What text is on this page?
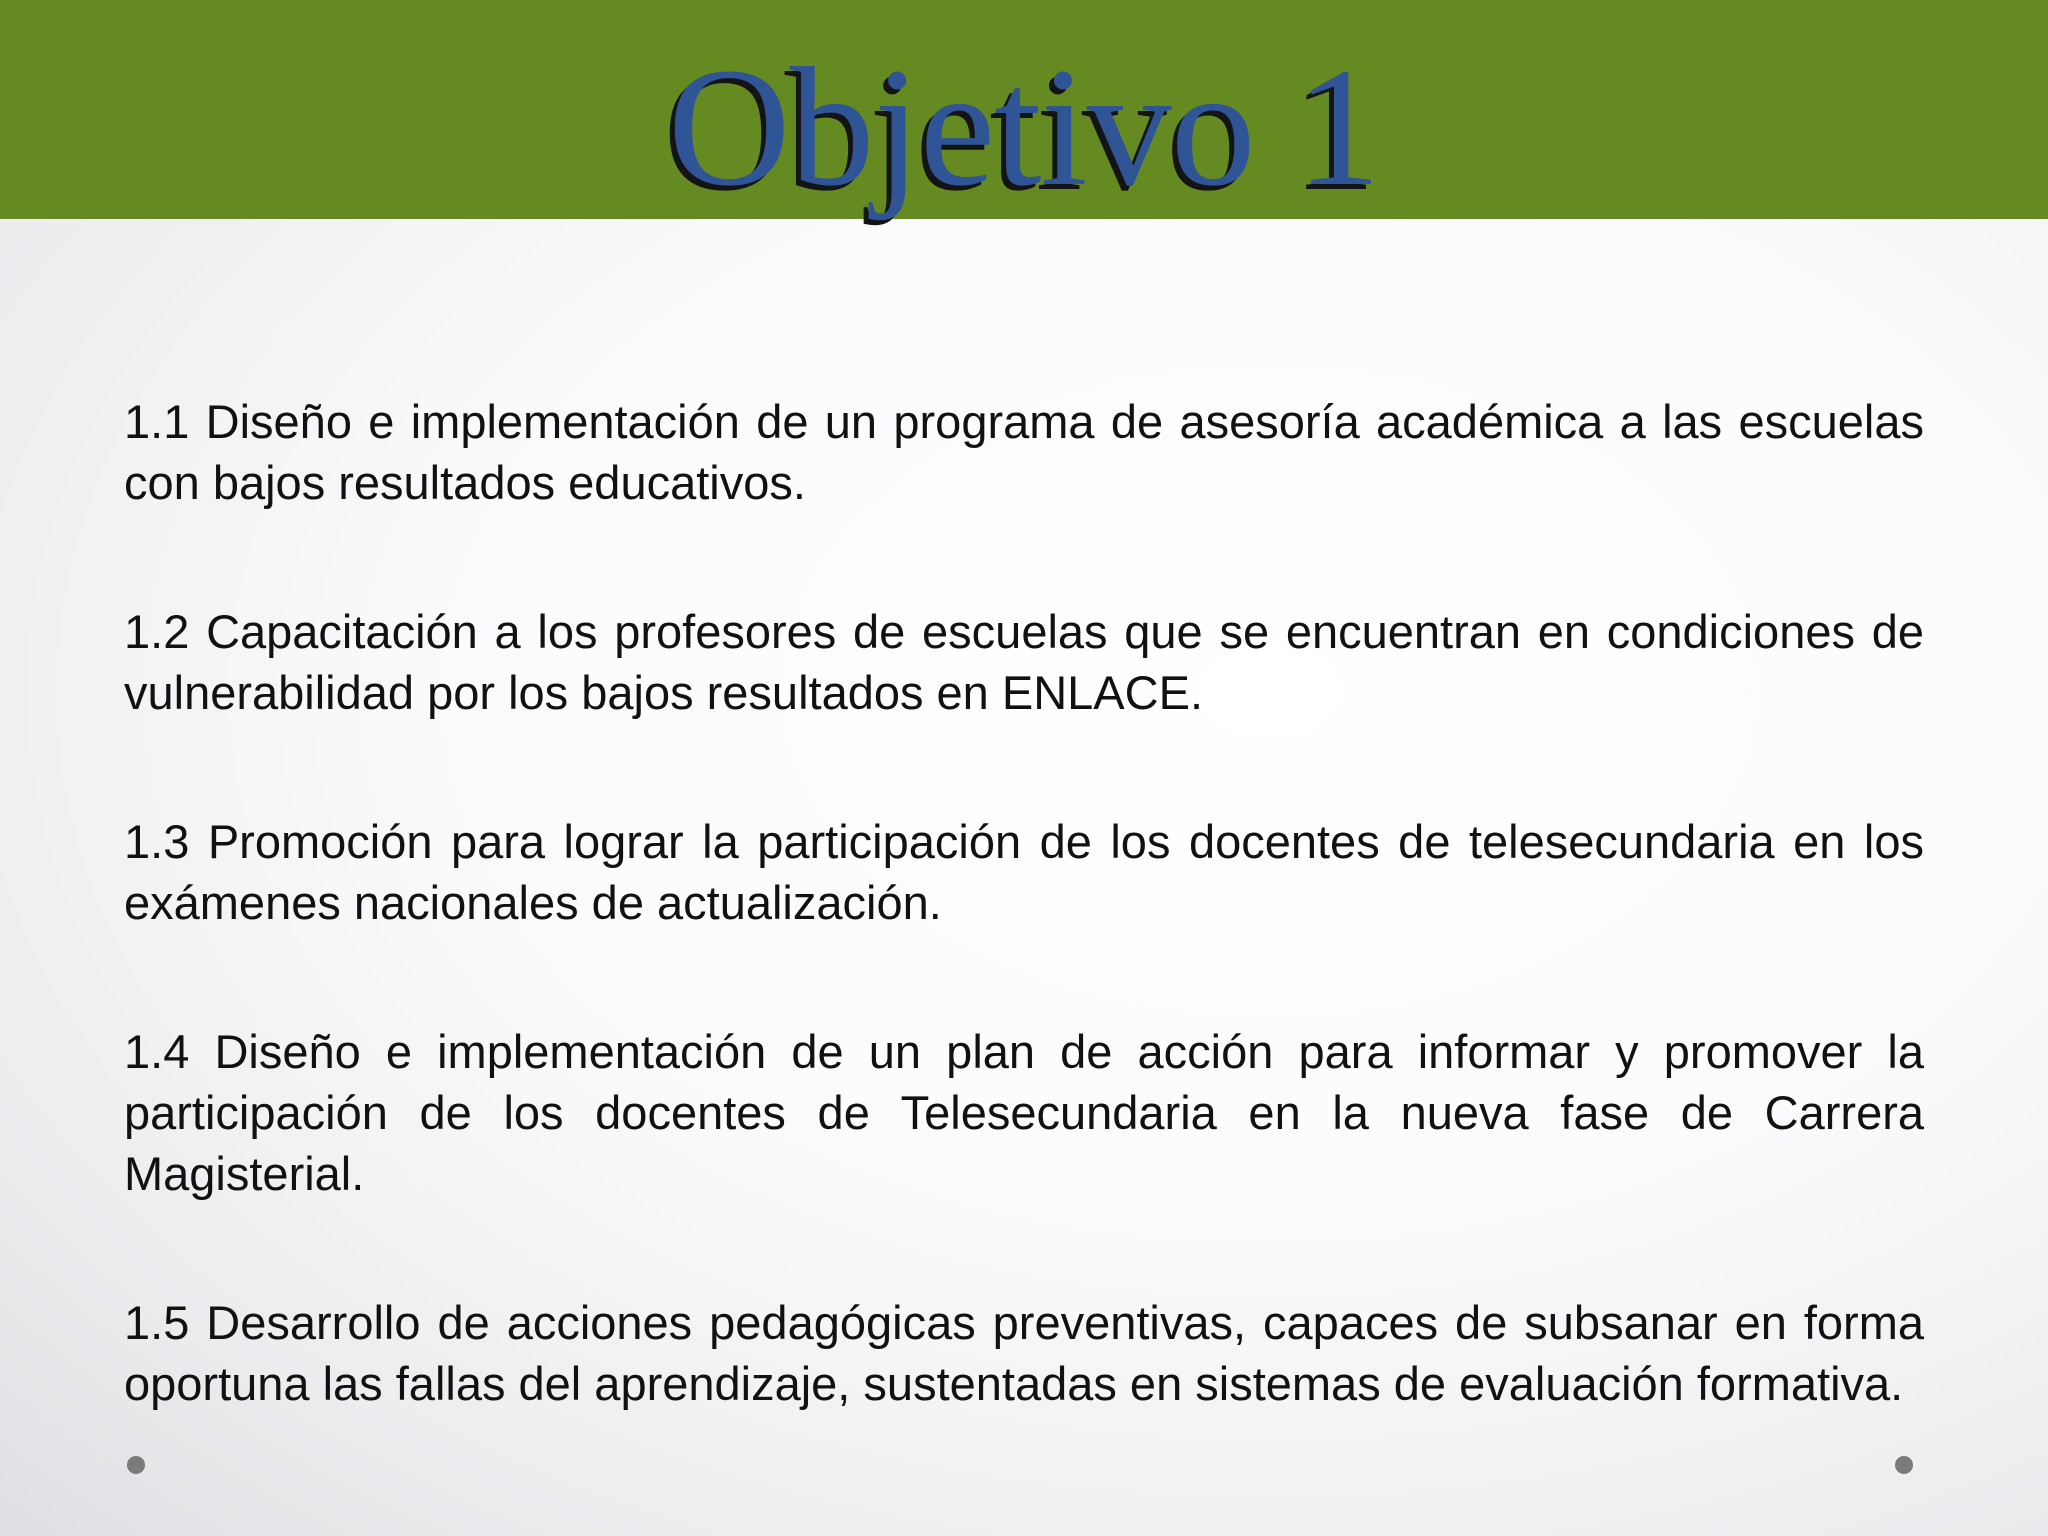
Objetivo 1
1.1 Diseño e implementación de un programa de asesoría académica a las escuelas con bajos resultados educativos.
1.2 Capacitación a los profesores de escuelas que se encuentran en condiciones de vulnerabilidad por los bajos resultados en ENLACE.
1.3 Promoción para lograr la participación de los docentes de telesecundaria en los exámenes nacionales de actualización.
1.4 Diseño e implementación de un plan de acción para informar y promover la participación de los docentes de Telesecundaria en la nueva fase de Carrera Magisterial.
1.5 Desarrollo de acciones pedagógicas preventivas, capaces de subsanar en forma oportuna las fallas del aprendizaje, sustentadas en sistemas de evaluación formativa.
